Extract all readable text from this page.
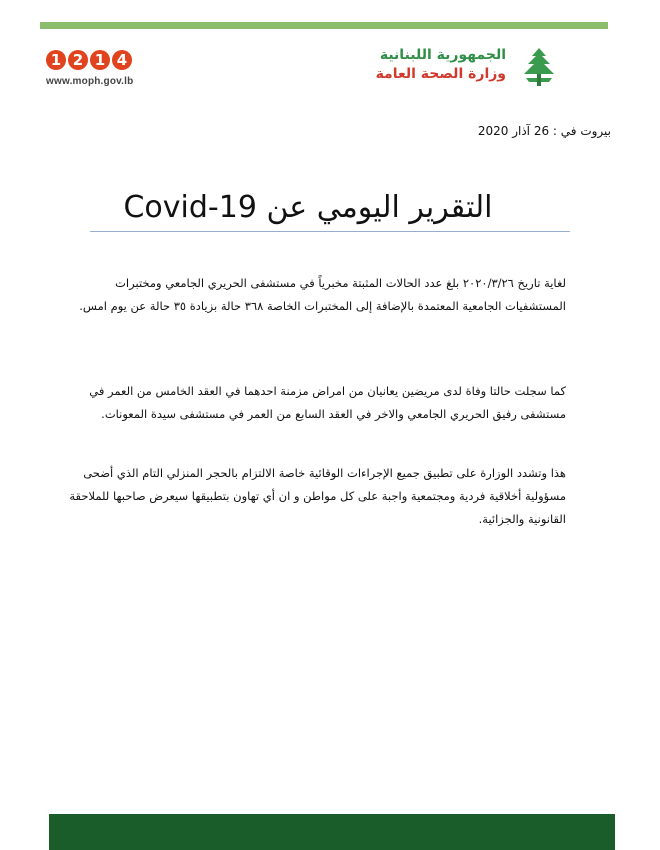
1 2 1 4
www.moph.gov.lb
الجمهورية اللبنانية
وزارة الصحة العامة
بيروت في : 26 آذار 2020
التقرير اليومي عن Covid-19
لغاية تاريخ ٢٠٢٠/٣/٢٦ بلغ عدد الحالات المثبتة مخبرياً في مستشفى الحريري الجامعي ومختبرات المستشفيات الجامعية المعتمدة بالإضافة إلى المختبرات الخاصة ٣٦٨ حالة بزيادة ٣٥ حالة عن يوم امس.
كما سجلت حالتا وفاة لدى مريضين يعانيان من امراض مزمنة احدهما في العقد الخامس من العمر في مستشفى رفيق الحريري الجامعي والاخر في العقد السابع من العمر في مستشفى سيدة المعونات.
هذا وتشدد الوزارة على تطبيق جميع الإجراءات الوقائية خاصة الالتزام بالحجر المنزلي التام الذي أضحى مسؤولية أخلاقية فردية ومجتمعية واجبة على كل مواطن و ان أي تهاون بتطبيقها سيعرض صاحبها للملاحقة القانونية والجزائية.
